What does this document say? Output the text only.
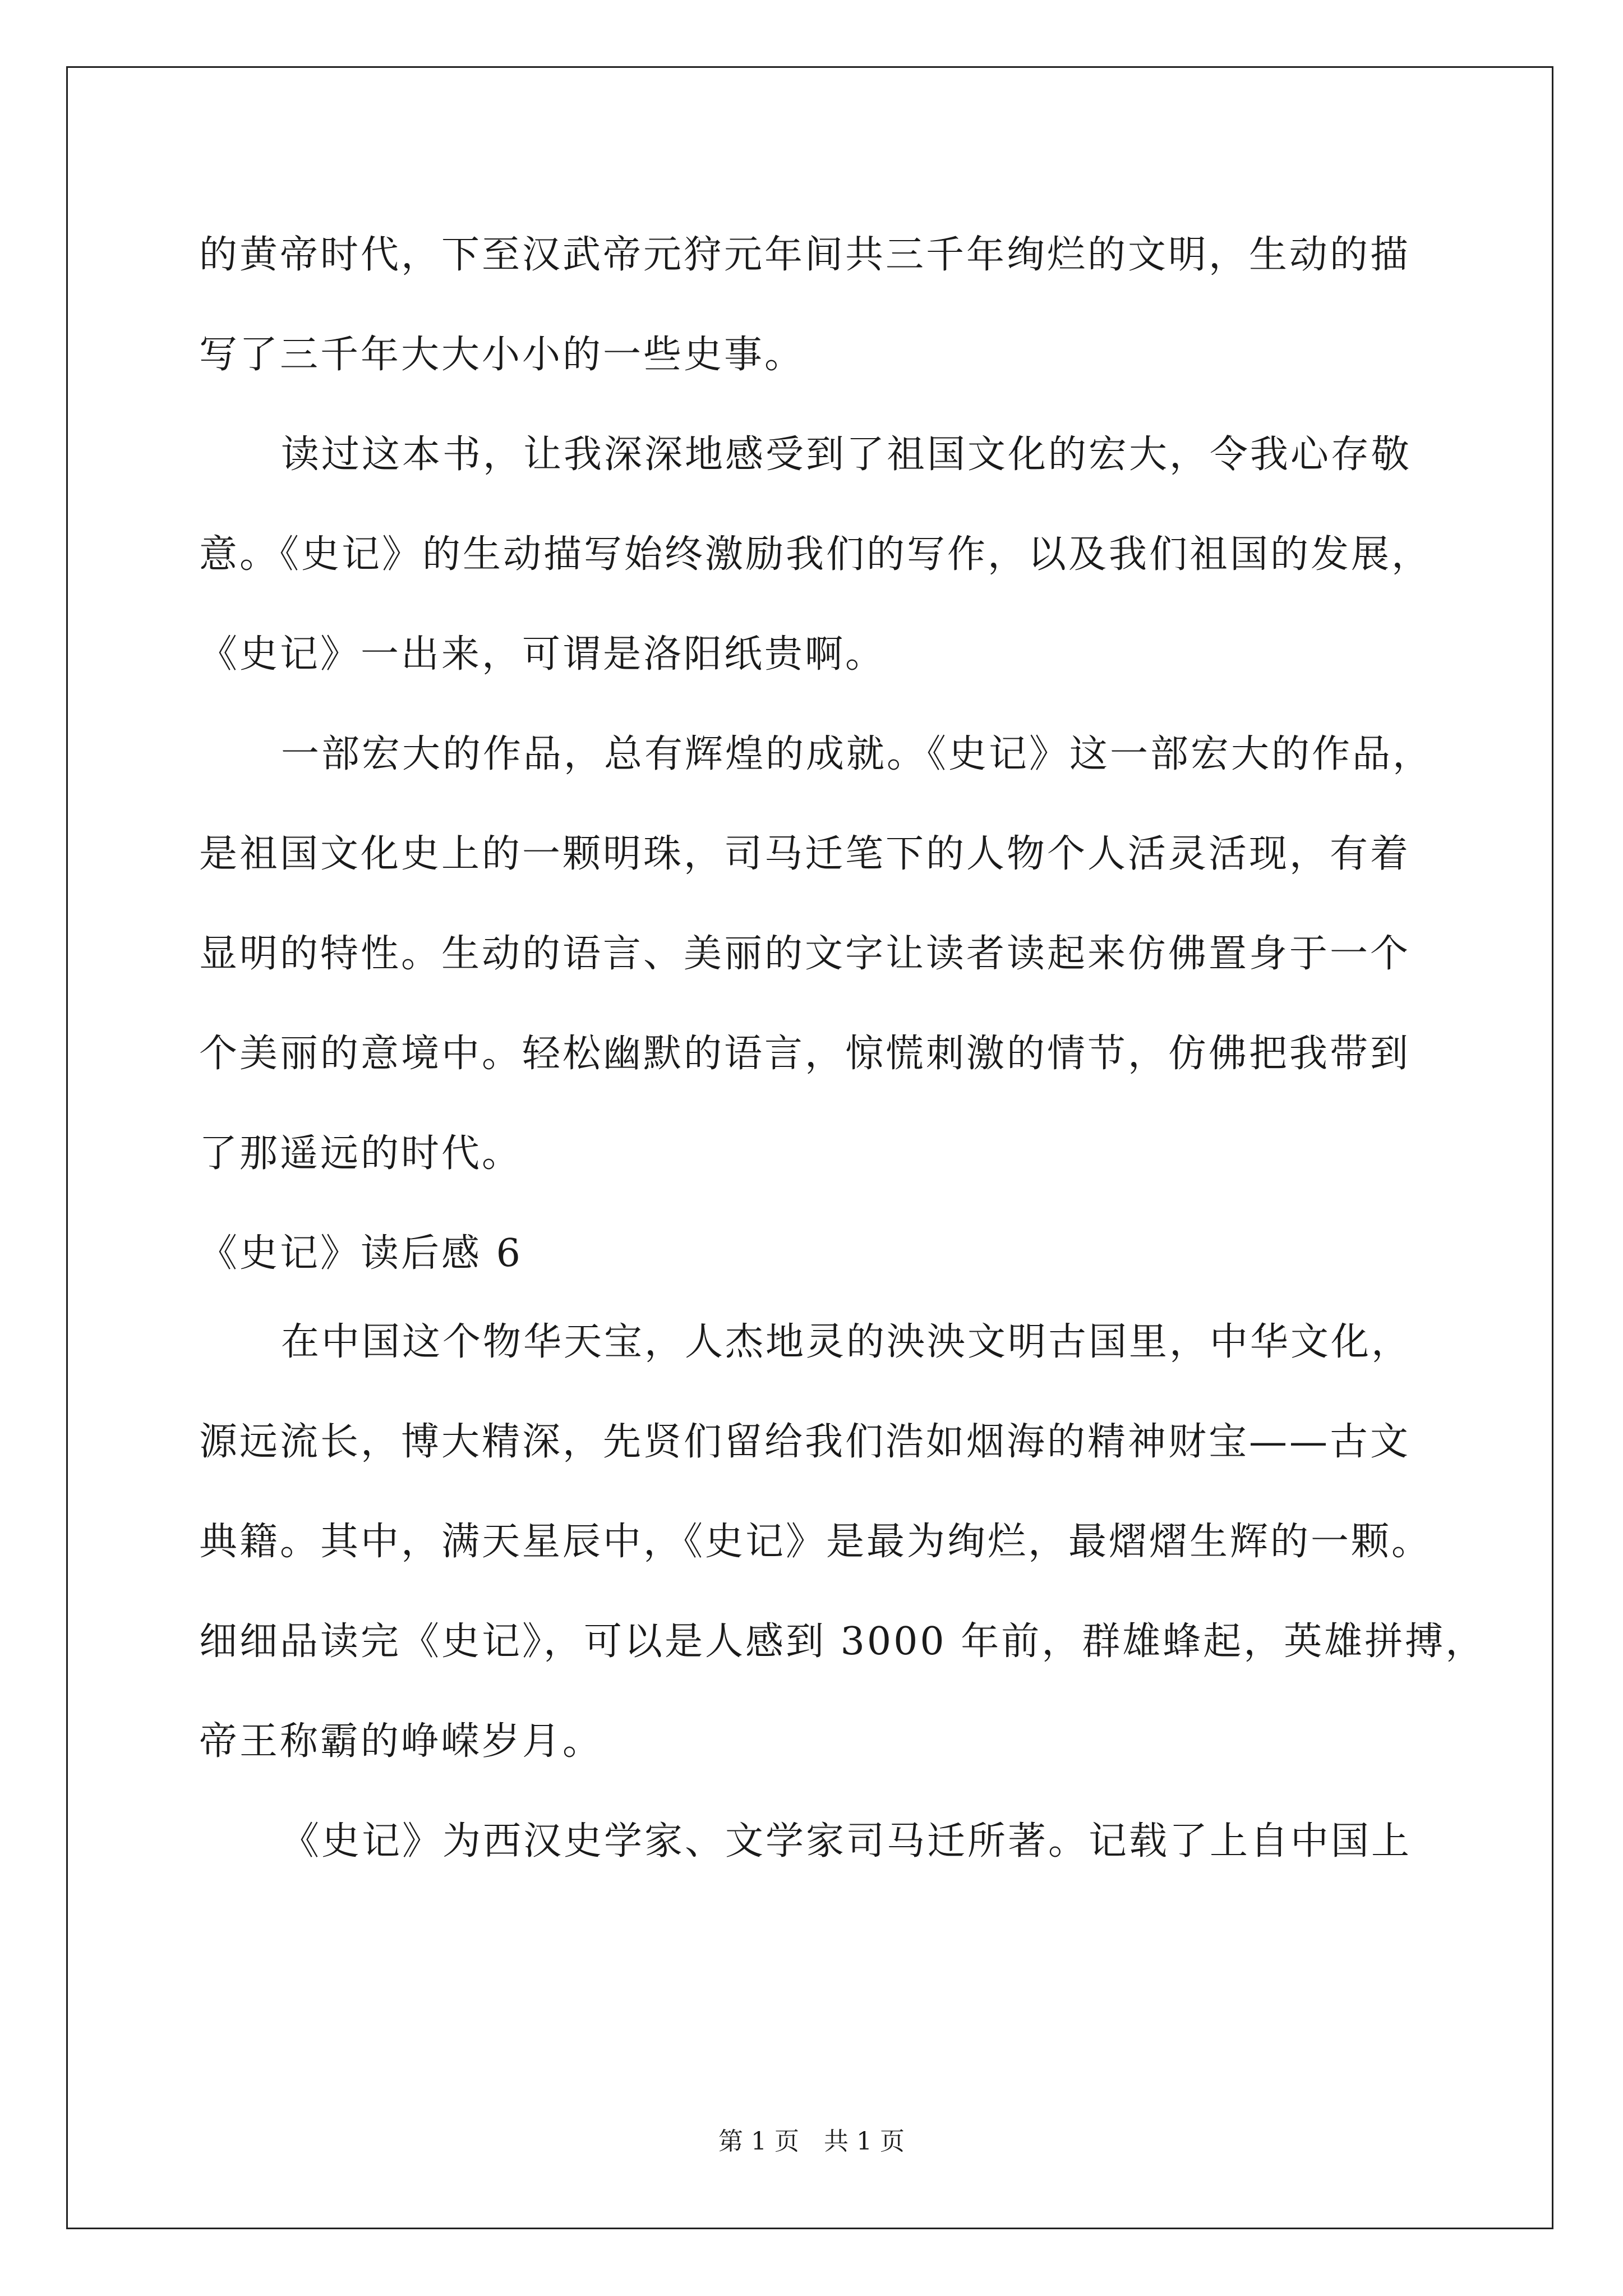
的黄帝时代，下至汉武帝元狩元年间共三千年绚烂的文明，生动的描
写了三千年大大小小的一些史事。
读过这本书，让我深深地感受到了祖国文化的宏大，令我心存敬
意。《史记》的生动描写始终激励我们的写作，以及我们祖国的发展，
《史记》一出来，可谓是洛阳纸贵啊。
一部宏大的作品，总有辉煌的成就。《史记》这一部宏大的作品，
是祖国文化史上的一颗明珠，司马迁笔下的人物个人活灵活现，有着
显明的特性。生动的语言、美丽的文字让读者读起来仿佛置身于一个
个美丽的意境中。轻松幽默的语言，惊慌刺激的情节，仿佛把我带到
了那遥远的时代。
《史记》读后感 6
在中国这个物华天宝，人杰地灵的泱泱文明古国里，中华文化，
源远流长，博大精深，先贤们留给我们浩如烟海的精神财宝——古文
典籍。其中，满天星辰中，《史记》是最为绚烂，最熠熠生辉的一颗。
细细品读完《史记》，可以是人感到 3000 年前，群雄蜂起，英雄拼搏，
帝王称霸的峥嵘岁月。
《史记》为西汉史学家、文学家司马迁所著。记载了上自中国上
第 1 页　共 1 页
